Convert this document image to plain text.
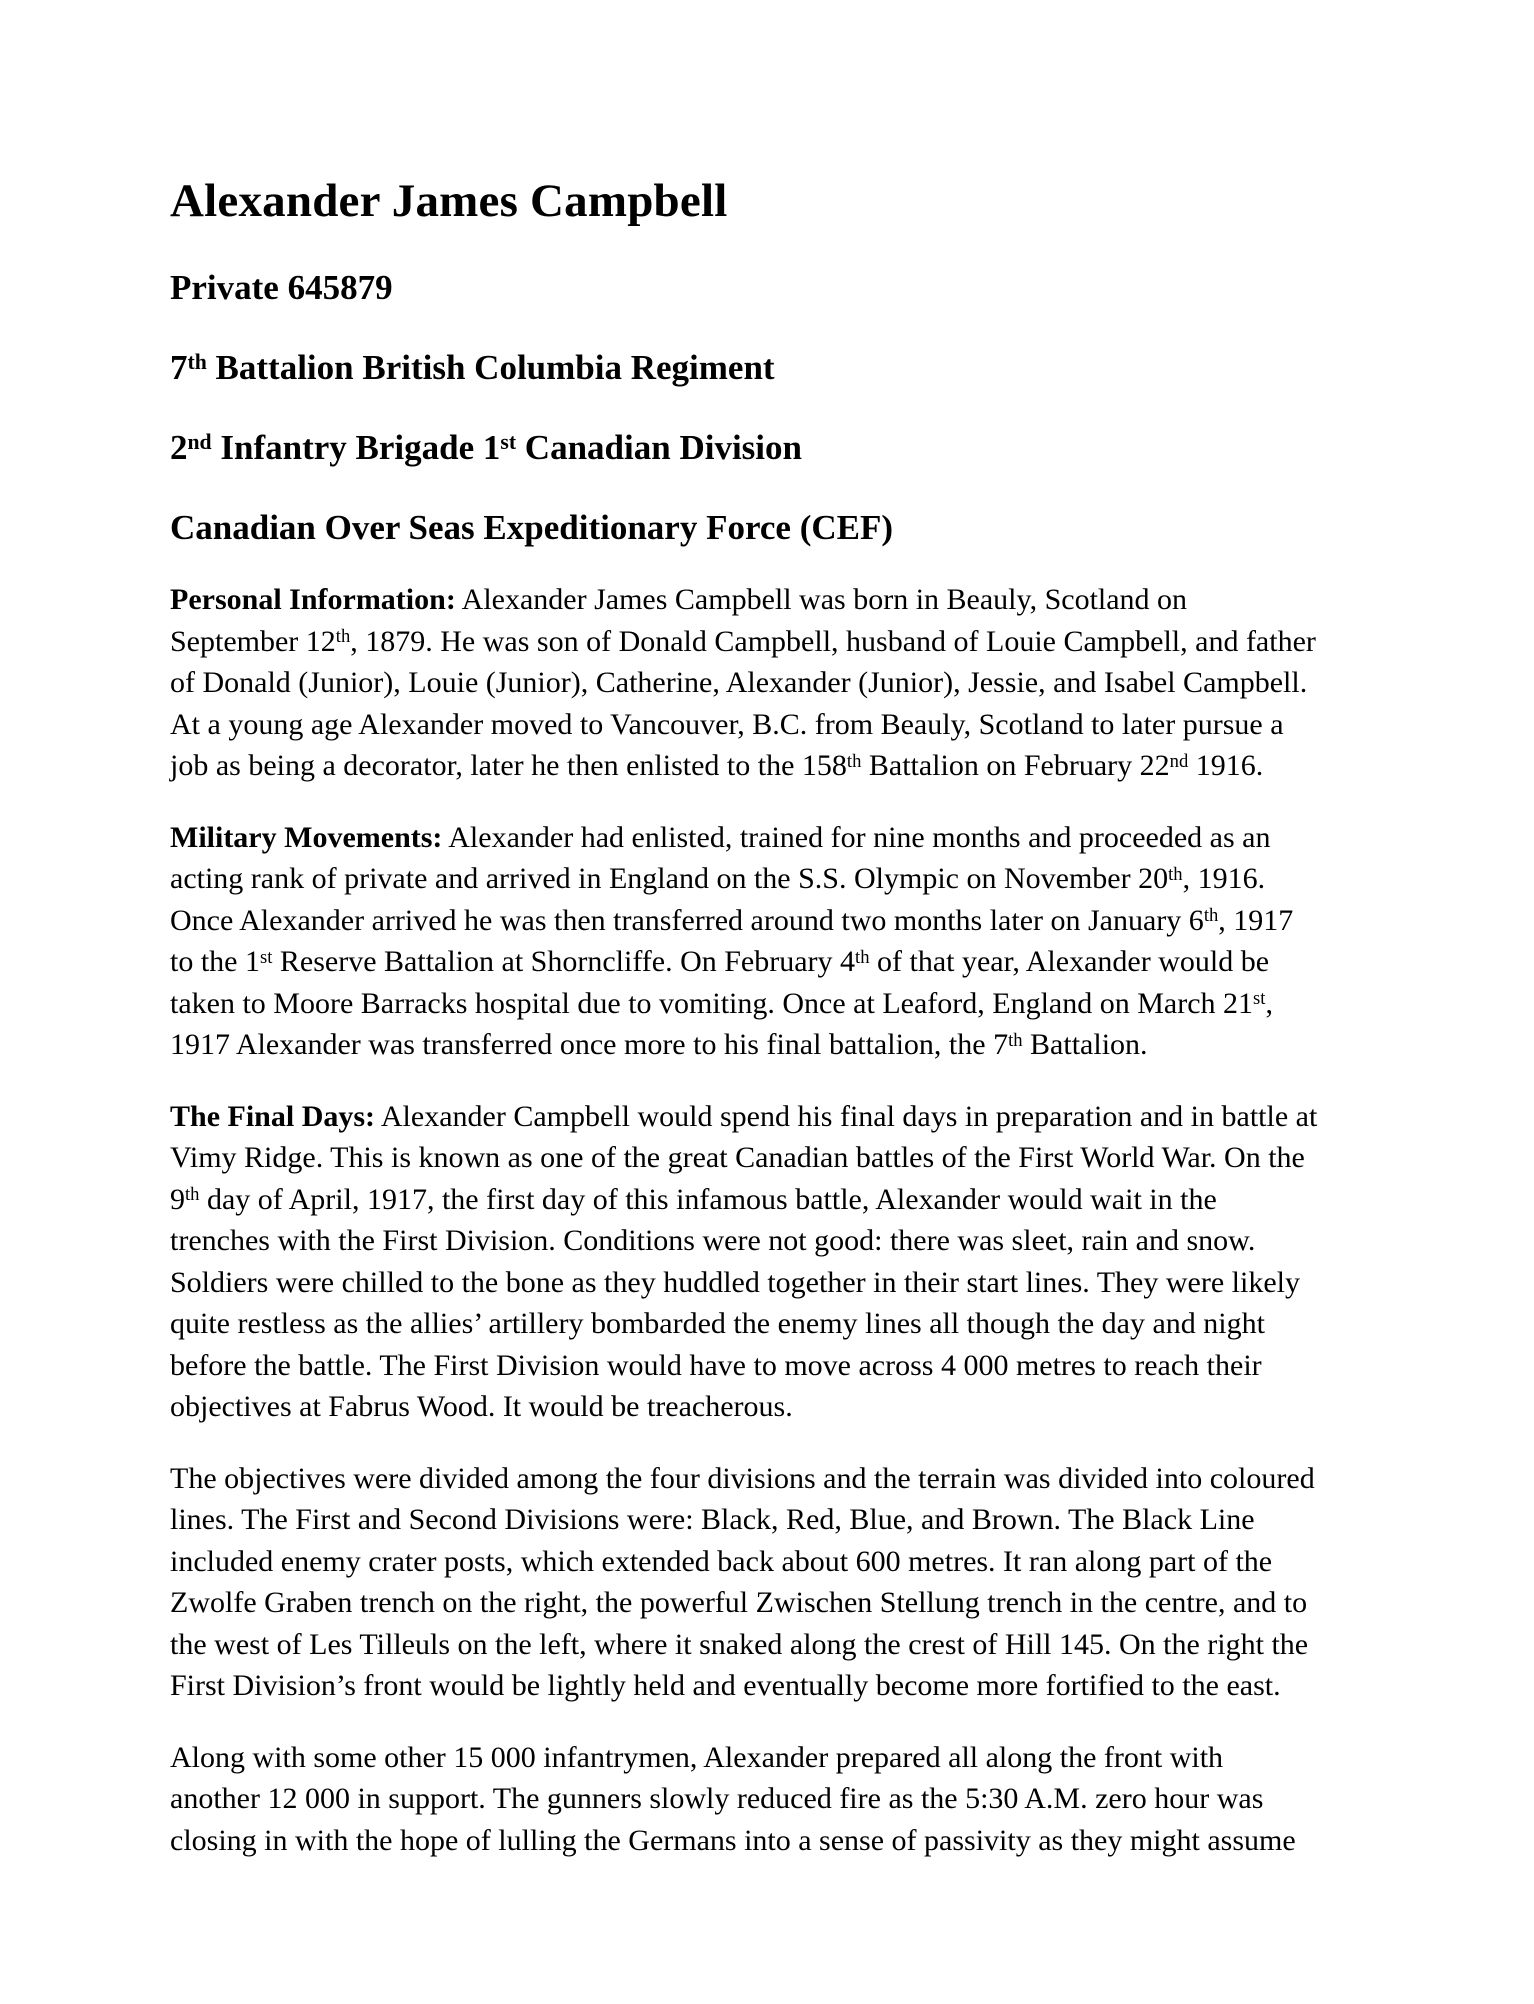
Alexander James Campbell
Private 645879
7th Battalion British Columbia Regiment
2nd Infantry Brigade 1st Canadian Division
Canadian Over Seas Expeditionary Force (CEF)

Personal Information: Alexander James Campbell was born in Beauly, Scotland on
September 12th, 1879. He was son of Donald Campbell, husband of Louie Campbell, and father
of Donald (Junior), Louie (Junior), Catherine, Alexander (Junior), Jessie, and Isabel Campbell.
At a young age Alexander moved to Vancouver, B.C. from Beauly, Scotland to later pursue a
job as being a decorator, later he then enlisted to the 158th Battalion on February 22nd 1916.

Military Movements: Alexander had enlisted, trained for nine months and proceeded as an
acting rank of private and arrived in England on the S.S. Olympic on November 20th, 1916.
Once Alexander arrived he was then transferred around two months later on January 6th, 1917
to the 1st Reserve Battalion at Shorncliffe. On February 4th of that year, Alexander would be
taken to Moore Barracks hospital due to vomiting. Once at Leaford, England on March 21st,
1917 Alexander was transferred once more to his final battalion, the 7th Battalion.

The Final Days: Alexander Campbell would spend his final days in preparation and in battle at
Vimy Ridge. This is known as one of the great Canadian battles of the First World War. On the
9th day of April, 1917, the first day of this infamous battle, Alexander would wait in the
trenches with the First Division. Conditions were not good: there was sleet, rain and snow.
Soldiers were chilled to the bone as they huddled together in their start lines. They were likely
quite restless as the allies’ artillery bombarded the enemy lines all though the day and night
before the battle. The First Division would have to move across 4 000 metres to reach their
objectives at Fabrus Wood. It would be treacherous.

The objectives were divided among the four divisions and the terrain was divided into coloured
lines. The First and Second Divisions were: Black, Red, Blue, and Brown. The Black Line
included enemy crater posts, which extended back about 600 metres. It ran along part of the
Zwolfe Graben trench on the right, the powerful Zwischen Stellung trench in the centre, and to
the west of Les Tilleuls on the left, where it snaked along the crest of Hill 145. On the right the
First Division’s front would be lightly held and eventually become more fortified to the east.

Along with some other 15 000 infantrymen, Alexander prepared all along the front with
another 12 000 in support. The gunners slowly reduced fire as the 5:30 A.M. zero hour was
closing in with the hope of lulling the Germans into a sense of passivity as they might assume
